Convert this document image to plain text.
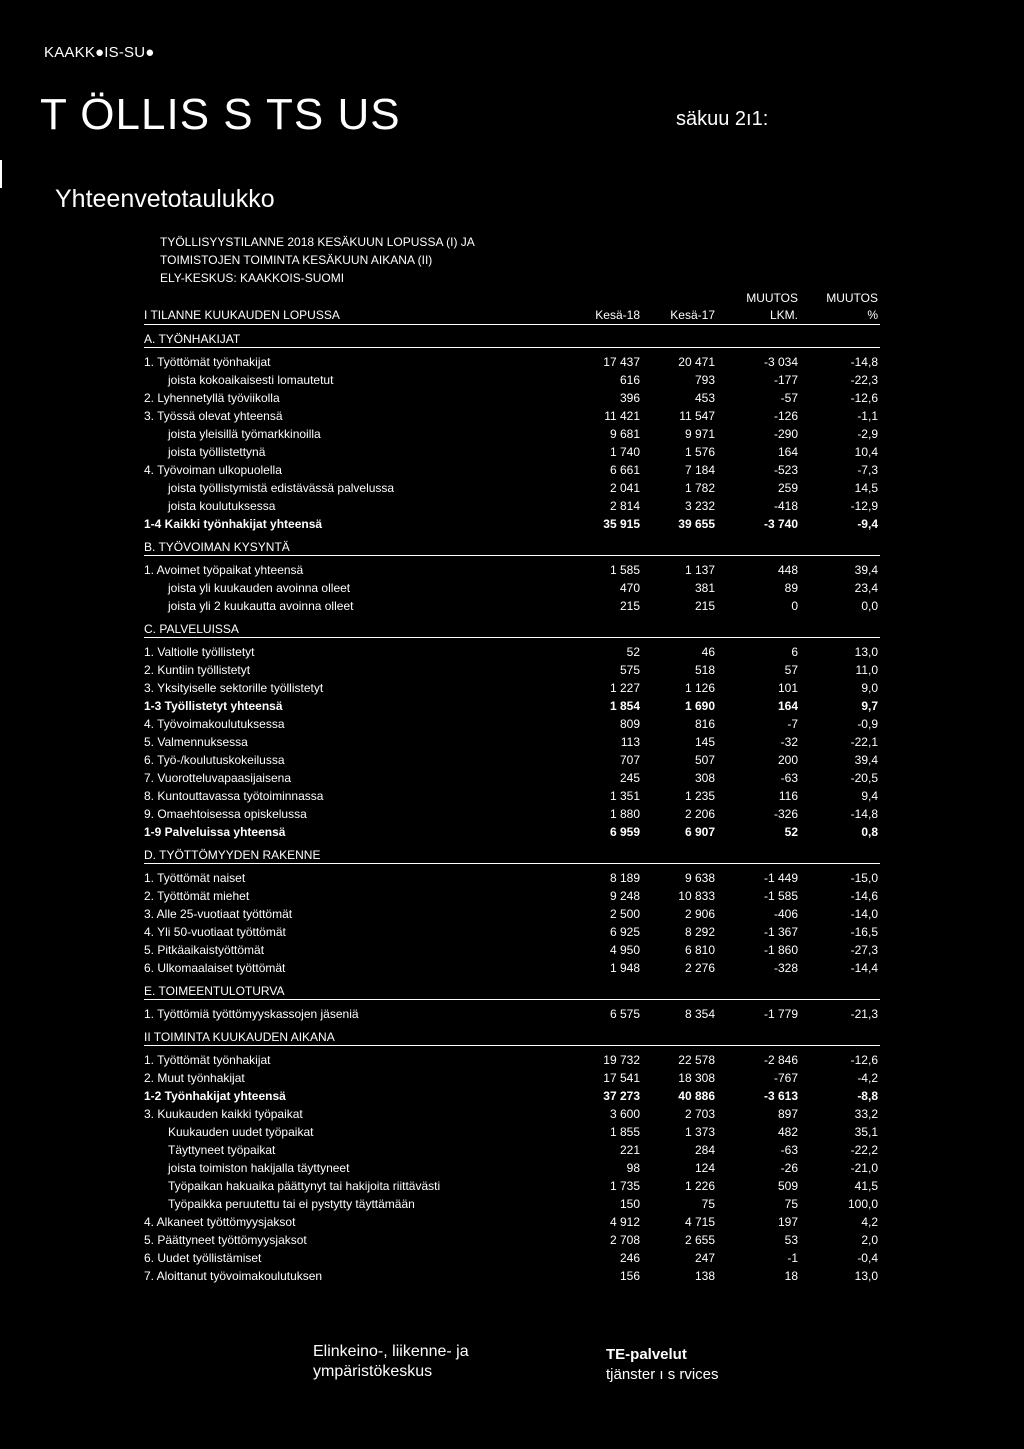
KAAKK●IS-SU●
T ÖLLIS S TS US	säkuu 2ı1:
Yhteenvetotaulukko
TYÖLLISYYSTILANNE 2018 KESÄKUUN LOPUSSA (I) JA
TOIMISTOJEN TOIMINTA KESÄKUUN AIKANA (II)
ELY-KESKUS: KAAKKOIS-SUOMI
MUUTOS	MUUTOS
I TILANNE KUUKAUDEN LOPUSSA	Kesä-18	Kesä-17	LKM.	%
A. TYÖNHAKIJAT
1. Työttömät työnhakijat	17 437	20 471	-3 034	-14,8
joista kokoaikaisesti lomautetut	616	793	-177	-22,3
2. Lyhennetyllä työviikolla	396	453	-57	-12,6
3. Työssä olevat yhteensä	11 421	11 547	-126	-1,1
joista yleisillä työmarkkinoilla	9 681	9 971	-290	-2,9
joista työllistettynä	1 740	1 576	164	10,4
4. Työvoiman ulkopuolella	6 661	7 184	-523	-7,3
joista työllistymistä edistävässä palvelussa	2 041	1 782	259	14,5
joista koulutuksessa	2 814	3 232	-418	-12,9
1-4 Kaikki työnhakijat yhteensä	35 915	39 655	-3 740	-9,4
B. TYÖVOIMAN KYSYNTÄ
1. Avoimet työpaikat yhteensä	1 585	1 137	448	39,4
joista yli kuukauden avoinna olleet	470	381	89	23,4
joista yli 2 kuukautta avoinna olleet	215	215	0	0,0
C. PALVELUISSA
1. Valtiolle työllistetyt	52	46	6	13,0
2. Kuntiin työllistetyt	575	518	57	11,0
3. Yksityiselle sektorille työllistetyt	1 227	1 126	101	9,0
1-3 Työllistetyt yhteensä	1 854	1 690	164	9,7
4. Työvoimakoulutuksessa	809	816	-7	-0,9
5. Valmennuksessa	113	145	-32	-22,1
6. Työ-/koulutuskokeilussa	707	507	200	39,4
7. Vuorotteluvapaasijaisena	245	308	-63	-20,5
8. Kuntouttavassa työtoiminnassa	1 351	1 235	116	9,4
9. Omaehtoisessa opiskelussa	1 880	2 206	-326	-14,8
1-9 Palveluissa yhteensä	6 959	6 907	52	0,8
D. TYÖTTÖMYYDEN RAKENNE
1. Työttömät naiset	8 189	9 638	-1 449	-15,0
2. Työttömät miehet	9 248	10 833	-1 585	-14,6
3. Alle 25-vuotiaat työttömät	2 500	2 906	-406	-14,0
4. Yli 50-vuotiaat työttömät	6 925	8 292	-1 367	-16,5
5. Pitkäaikaistyöttömät	4 950	6 810	-1 860	-27,3
6. Ulkomaalaiset työttömät	1 948	2 276	-328	-14,4
E. TOIMEENTULOTURVA
1. Työttömiä työttömyyskassojen jäseniä	6 575	8 354	-1 779	-21,3
II TOIMINTA KUUKAUDEN AIKANA
1. Työttömät työnhakijat	19 732	22 578	-2 846	-12,6
2. Muut työnhakijat	17 541	18 308	-767	-4,2
1-2 Työnhakijat yhteensä	37 273	40 886	-3 613	-8,8
3. Kuukauden kaikki työpaikat	3 600	2 703	897	33,2
Kuukauden uudet työpaikat	1 855	1 373	482	35,1
Täyttyneet työpaikat	221	284	-63	-22,2
joista toimiston hakijalla täyttyneet	98	124	-26	-21,0
Työpaikan hakuaika päättynyt tai hakijoita riittävästi	1 735	1 226	509	41,5
Työpaikka peruutettu tai ei pystytty täyttämään	150	75	75	100,0
4. Alkaneet työttömyysjaksot	4 912	4 715	197	4,2
5. Päättyneet työttömyysjaksot	2 708	2 655	53	2,0
6. Uudet työllistämiset	246	247	-1	-0,4
7. Aloittanut työvoimakoulutuksen	156	138	18	13,0
Elinkeino-, liikenne- ja
ympäristökeskus
TE-palvelut
tjänster ı s rvices
